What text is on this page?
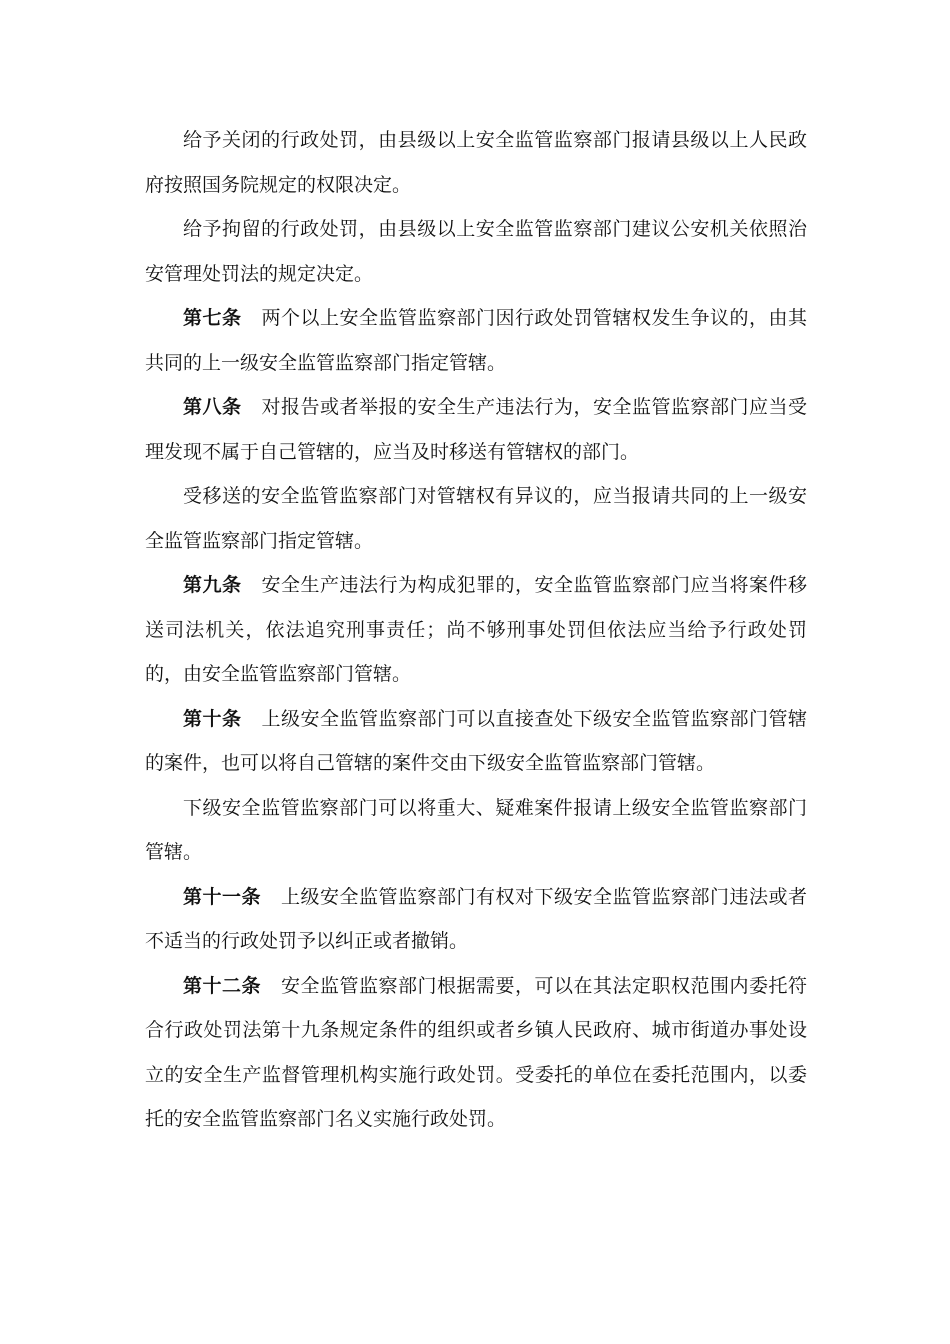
给予关闭的行政处罚，由县级以上安全监管监察部门报请县级以上人民政府按照国务院规定的权限决定。

给予拘留的行政处罚，由县级以上安全监管监察部门建议公安机关依照治安管理处罚法的规定决定。

第七条 两个以上安全监管监察部门因行政处罚管辖权发生争议的，由其共同的上一级安全监管监察部门指定管辖。

第八条 对报告或者举报的安全生产违法行为，安全监管监察部门应当受理发现不属于自己管辖的，应当及时移送有管辖权的部门。

受移送的安全监管监察部门对管辖权有异议的，应当报请共同的上一级安全监管监察部门指定管辖。

第九条 安全生产违法行为构成犯罪的，安全监管监察部门应当将案件移送司法机关，依法追究刑事责任；尚不够刑事处罚但依法应当给予行政处罚的，由安全监管监察部门管辖。

第十条 上级安全监管监察部门可以直接查处下级安全监管监察部门管辖的案件，也可以将自己管辖的案件交由下级安全监管监察部门管辖。

下级安全监管监察部门可以将重大、疑难案件报请上级安全监管监察部门管辖。

第十一条 上级安全监管监察部门有权对下级安全监管监察部门违法或者不适当的行政处罚予以纠正或者撤销。

第十二条 安全监管监察部门根据需要，可以在其法定职权范围内委托符合行政处罚法第十九条规定条件的组织或者乡镇人民政府、城市街道办事处设立的安全生产监督管理机构实施行政处罚。受委托的单位在委托范围内，以委托的安全监管监察部门名义实施行政处罚。
